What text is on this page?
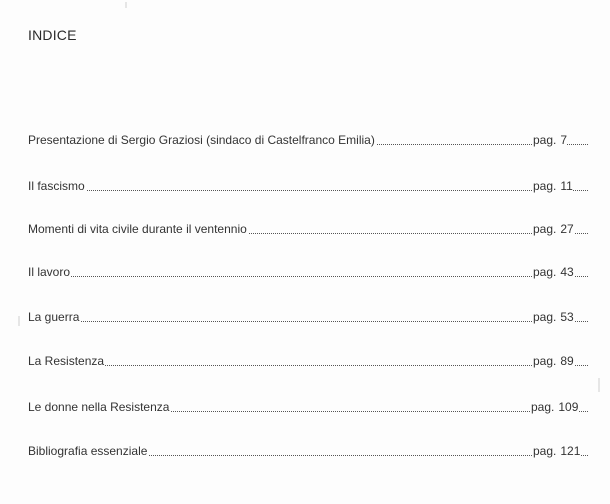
INDICE
Presentazione di Sergio Graziosi (sindaco di Castelfranco Emilia)	pag. 7
Il fascismo	pag. 11
Momenti di vita civile durante il ventennio	pag. 27
Il lavoro	pag. 43
La guerra	pag. 53
La Resistenza	pag. 89
Le donne nella Resistenza	pag. 109
Bibliografia essenziale	pag. 121
